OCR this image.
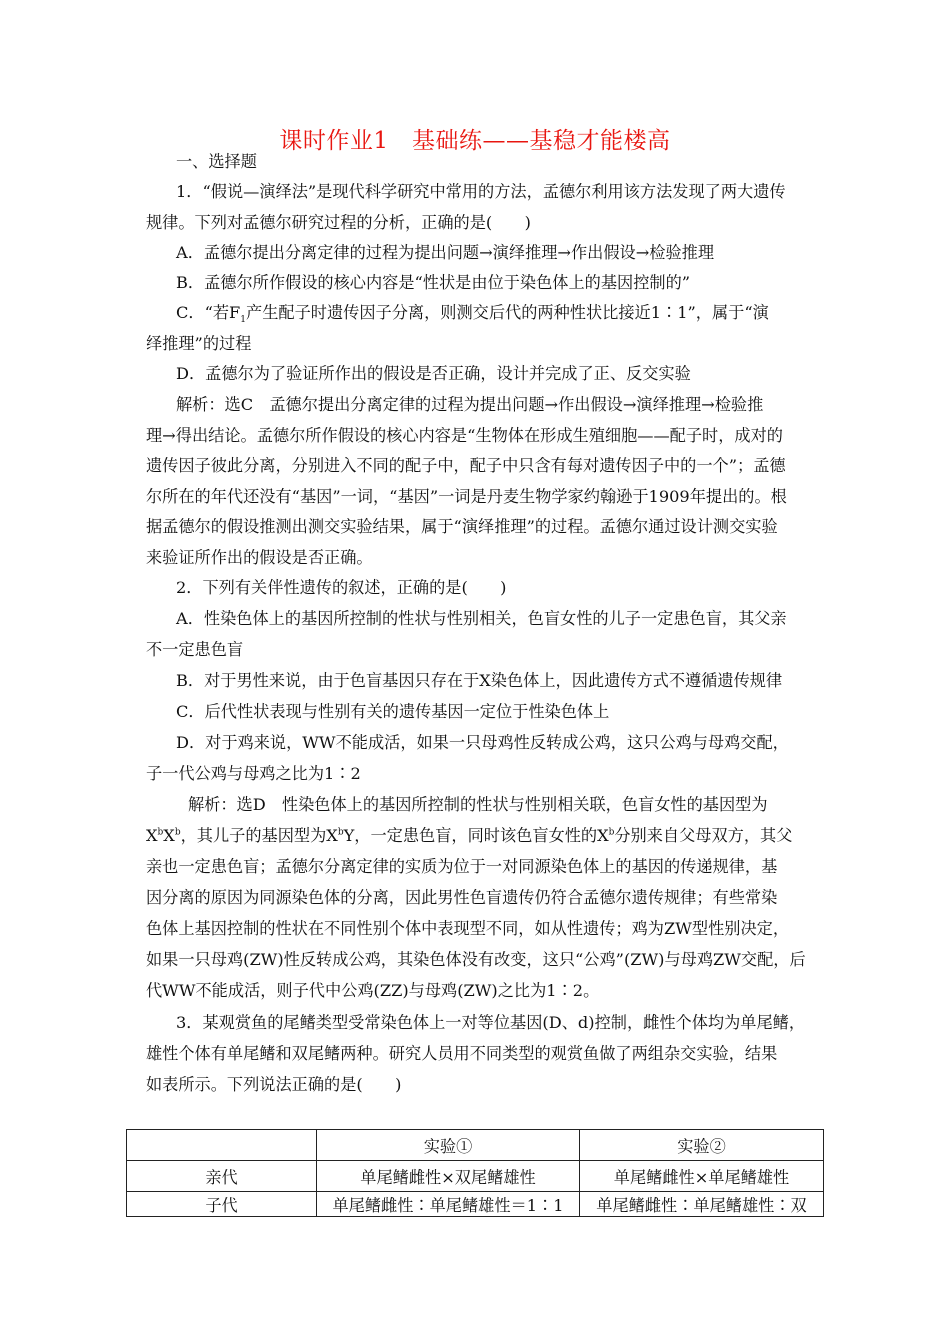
课时作业1　基础练——基稳才能楼高
一、选择题
1．“假说—演绎法”是现代科学研究中常用的方法，孟德尔利用该方法发现了两大遗传
规律。下列对孟德尔研究过程的分析，正确的是(　　)
A．孟德尔提出分离定律的过程为提出问题→演绎推理→作出假设→检验推理
B．孟德尔所作假设的核心内容是“性状是由位于染色体上的基因控制的”
C．“若$F_1$产生配子时遗传因子分离，则测交后代的两种性状比接近1∶1”，属于“演
绎推理”的过程
D．孟德尔为了验证所作出的假设是否正确，设计并完成了正、反交实验
解析：选C　孟德尔提出分离定律的过程为提出问题→作出假设→演绎推理→检验推
理→得出结论。孟德尔所作假设的核心内容是“生物体在形成生殖细胞——配子时，成对的
遗传因子彼此分离，分别进入不同的配子中，配子中只含有每对遗传因子中的一个”；孟德
尔所在的年代还没有“基因”一词，“基因”一词是丹麦生物学家约翰逊于1909年提出的。根
据孟德尔的假设推测出测交实验结果，属于“演绎推理”的过程。孟德尔通过设计测交实验
来验证所作出的假设是否正确。
2．下列有关伴性遗传的叙述，正确的是(　　)
A．性染色体上的基因所控制的性状与性别相关，色盲女性的儿子一定患色盲，其父亲
不一定患色盲
B．对于男性来说，由于色盲基因只存在于X染色体上，因此遗传方式不遵循遗传规律
C．后代性状表现与性别有关的遗传基因一定位于性染色体上
D．对于鸡来说，WW不能成活，如果一只母鸡性反转成公鸡，这只公鸡与母鸡交配，
子一代公鸡与母鸡之比为1∶2
解析：选D　性染色体上的基因所控制的性状与性别相关联，色盲女性的基因型为
$X^bX^b$，其儿子的基因型为$X^bY$，一定患色盲，同时该色盲女性的$X^b$分别来自父母双方，其父
亲也一定患色盲；孟德尔分离定律的实质为位于一对同源染色体上的基因的传递规律，基
因分离的原因为同源染色体的分离，因此男性色盲遗传仍符合孟德尔遗传规律；有些常染
色体上基因控制的性状在不同性别个体中表现型不同，如从性遗传；鸡为ZW型性别决定，
如果一只母鸡(ZW)性反转成公鸡，其染色体没有改变，这只“公鸡”(ZW)与母鸡ZW交配，后
代WW不能成活，则子代中公鸡(ZZ)与母鸡(ZW)之比为1∶2。
3．某观赏鱼的尾鳍类型受常染色体上一对等位基因(D、d)控制，雌性个体均为单尾鳍，
雄性个体有单尾鳍和双尾鳍两种。研究人员用不同类型的观赏鱼做了两组杂交实验，结果
如表所示。下列说法正确的是(　　)
	实验①	实验②
亲代	单尾鳍雌性×双尾鳍雄性	单尾鳍雌性×单尾鳍雄性
子代	单尾鳍雌性∶单尾鳍雄性＝1∶1	单尾鳍雌性∶单尾鳍雄性∶双
